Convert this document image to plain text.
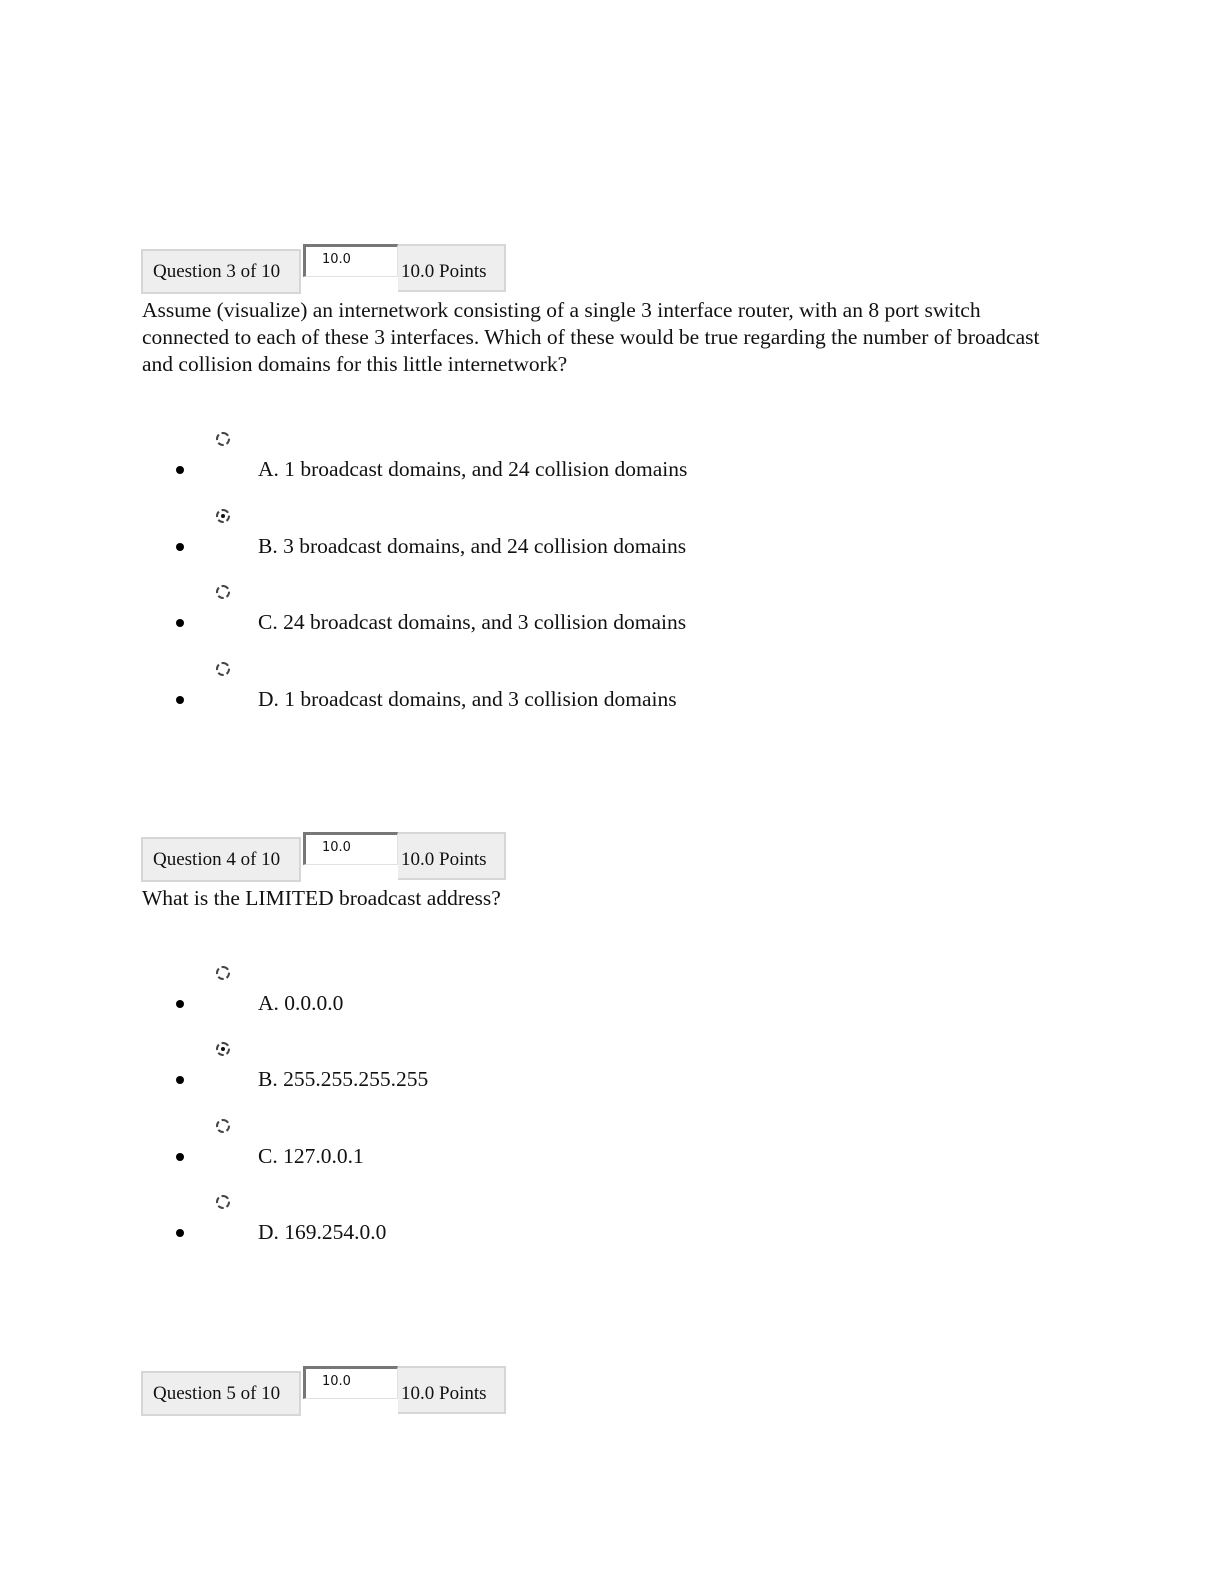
Question 3 of 10
10.0
10.0 Points

Assume (visualize) an internetwork consisting of a single 3 interface router, with an 8 port switch connected to each of these 3 interfaces. Which of these would be true regarding the number of broadcast and collision domains for this little internetwork?

A. 1 broadcast domains, and 24 collision domains
B. 3 broadcast domains, and 24 collision domains
C. 24 broadcast domains, and 3 collision domains
D. 1 broadcast domains, and 3 collision domains
Question 4 of 10
10.0
10.0 Points

What is the LIMITED broadcast address?

A. 0.0.0.0
B. 255.255.255.255
C. 127.0.0.1
D. 169.254.0.0
Question 5 of 10
10.0
10.0 Points
